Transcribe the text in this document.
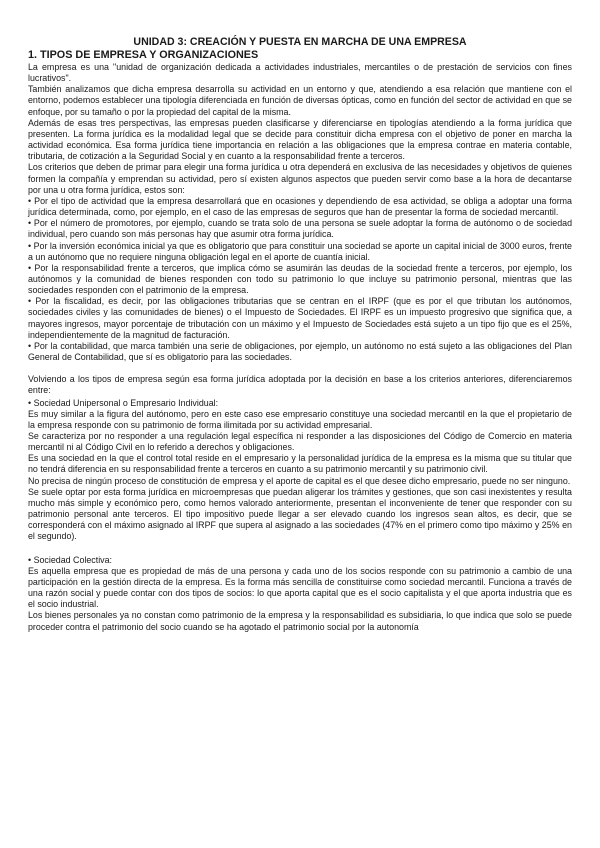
UNIDAD 3: CREACIÓN Y PUESTA EN MARCHA DE UNA EMPRESA
1. TIPOS DE EMPRESA Y ORGANIZACIONES

La empresa es una "unidad de organización dedicada a actividades industriales, mercantiles o de prestación de servicios con fines lucrativos".

También analizamos que dicha empresa desarrolla su actividad en un entorno y que, atendiendo a esa relación que mantiene con el entorno, podemos establecer una tipología diferenciada en función de diversas ópticas, como en función del sector de actividad en que se enfoque, por su tamaño o por la propiedad del capital de la misma.

Además de esas tres perspectivas, las empresas pueden clasificarse y diferenciarse en tipologías atendiendo a la forma jurídica que presenten. La forma jurídica es la modalidad legal que se decide para constituir dicha empresa con el objetivo de poner en marcha la actividad económica. Esa forma jurídica tiene importancia en relación a las obligaciones que la empresa contrae en materia contable, tributaria, de cotización a la Seguridad Social y en cuanto a la responsabilidad frente a terceros.

Los criterios que deben de primar para elegir una forma jurídica u otra dependerá en exclusiva de las necesidades y objetivos de quienes formen la compañía y emprendan su actividad, pero sí existen algunos aspectos que pueden servir como base a la hora de decantarse por una u otra forma jurídica, estos son:

• Por el tipo de actividad que la empresa desarrollará que en ocasiones y dependiendo de esa actividad, se obliga a adoptar una forma jurídica determinada, como, por ejemplo, en el caso de las empresas de seguros que han de presentar la forma de sociedad mercantil.

• Por el número de promotores, por ejemplo, cuando se trata solo de una persona se suele adoptar la forma de autónomo o de sociedad individual, pero cuando son más personas hay que asumir otra forma jurídica.

• Por la inversión económica inicial ya que es obligatorio que para constituir una sociedad se aporte un capital inicial de 3000 euros, frente a un autónomo que no requiere ninguna obligación legal en el aporte de cuantía inicial.

• Por la responsabilidad frente a terceros, que implica cómo se asumirán las deudas de la sociedad frente a terceros, por ejemplo, los autónomos y la comunidad de bienes responden con todo su patrimonio lo que incluye su patrimonio personal, mientras que las sociedades responden con el patrimonio de la empresa.

• Por la fiscalidad, es decir, por las obligaciones tributarias que se centran en el IRPF (que es por el que tributan los autónomos, sociedades civiles y las comunidades de bienes) o el Impuesto de Sociedades. El IRPF es un impuesto progresivo que significa que, a mayores ingresos, mayor porcentaje de tributación con un máximo y el Impuesto de Sociedades está sujeto a un tipo fijo que es el 25%, independientemente de la magnitud de facturación.

• Por la contabilidad, que marca también una serie de obligaciones, por ejemplo, un autónomo no está sujeto a las obligaciones del Plan General de Contabilidad, que sí es obligatorio para las sociedades.

Volviendo a los tipos de empresa según esa forma jurídica adoptada por la decisión en base a los criterios anteriores, diferenciaremos entre:

• Sociedad Unipersonal o Empresario Individual:

Es muy similar a la figura del autónomo, pero en este caso ese empresario constituye una sociedad mercantil en la que el propietario de la empresa responde con su patrimonio de forma ilimitada por su actividad empresarial.

Se caracteriza por no responder a una regulación legal específica ni responder a las disposiciones del Código de Comercio en materia mercantil ni al Código Civil en lo referido a derechos y obligaciones.

Es una sociedad en la que el control total reside en el empresario y la personalidad jurídica de la empresa es la misma que su titular que no tendrá diferencia en su responsabilidad frente a terceros en cuanto a su patrimonio mercantil y su patrimonio civil.

No precisa de ningún proceso de constitución de empresa y el aporte de capital es el que desee dicho empresario, puede no ser ninguno.

Se suele optar por esta forma jurídica en microempresas que puedan aligerar los trámites y gestiones, que son casi inexistentes y resulta mucho más simple y económico pero, como hemos valorado anteriormente, presentan el inconveniente de tener que responder con su patrimonio personal ante terceros. El tipo impositivo puede llegar a ser elevado cuando los ingresos sean altos, es decir, que se corresponderá con el máximo asignado al IRPF que supera al asignado a las sociedades (47% en el primero como tipo máximo y 25% en el segundo).

• Sociedad Colectiva:

Es aquella empresa que es propiedad de más de una persona y cada uno de los socios responde con su patrimonio a cambio de una participación en la gestión directa de la empresa. Es la forma más sencilla de constituirse como sociedad mercantil. Funciona a través de una razón social y puede contar con dos tipos de socios: lo que aporta capital que es el socio capitalista y el que aporta industria que es el socio industrial.

Los bienes personales ya no constan como patrimonio de la empresa y la responsabilidad es subsidiaria, lo que indica que solo se puede proceder contra el patrimonio del socio cuando se ha agotado el patrimonio social por la autonomía
